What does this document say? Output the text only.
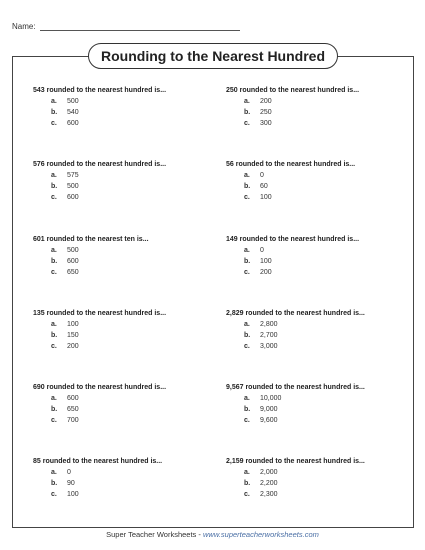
Name:
Rounding to the Nearest Hundred
543 rounded to the nearest hundred is...
a.	500
b.	540
c.	600
250 rounded to the nearest hundred is...
a.	200
b.	250
c.	300
576 rounded to the nearest hundred is...
a.	575
b.	500
c.	600
56 rounded to the nearest hundred is...
a.	0
b.	60
c.	100
601 rounded to the nearest ten is...
a.	500
b.	600
c.	650
149 rounded to the nearest hundred is...
a.	0
b.	100
c.	200
135 rounded to the nearest hundred is...
a.	100
b.	150
c.	200
2,829 rounded to the nearest hundred is...
a.	2,800
b.	2,700
c.	3,000
690 rounded to the nearest hundred is...
a.	600
b.	650
c.	700
9,567 rounded to the nearest hundred is...
a.	10,000
b.	9,000
c.	9,600
85 rounded to the nearest hundred is...
a.	0
b.	90
c.	100
2,159 rounded to the nearest hundred is...
a.	2,000
b.	2,200
c.	2,300
Super Teacher Worksheets - www.superteacherworksheets.com
